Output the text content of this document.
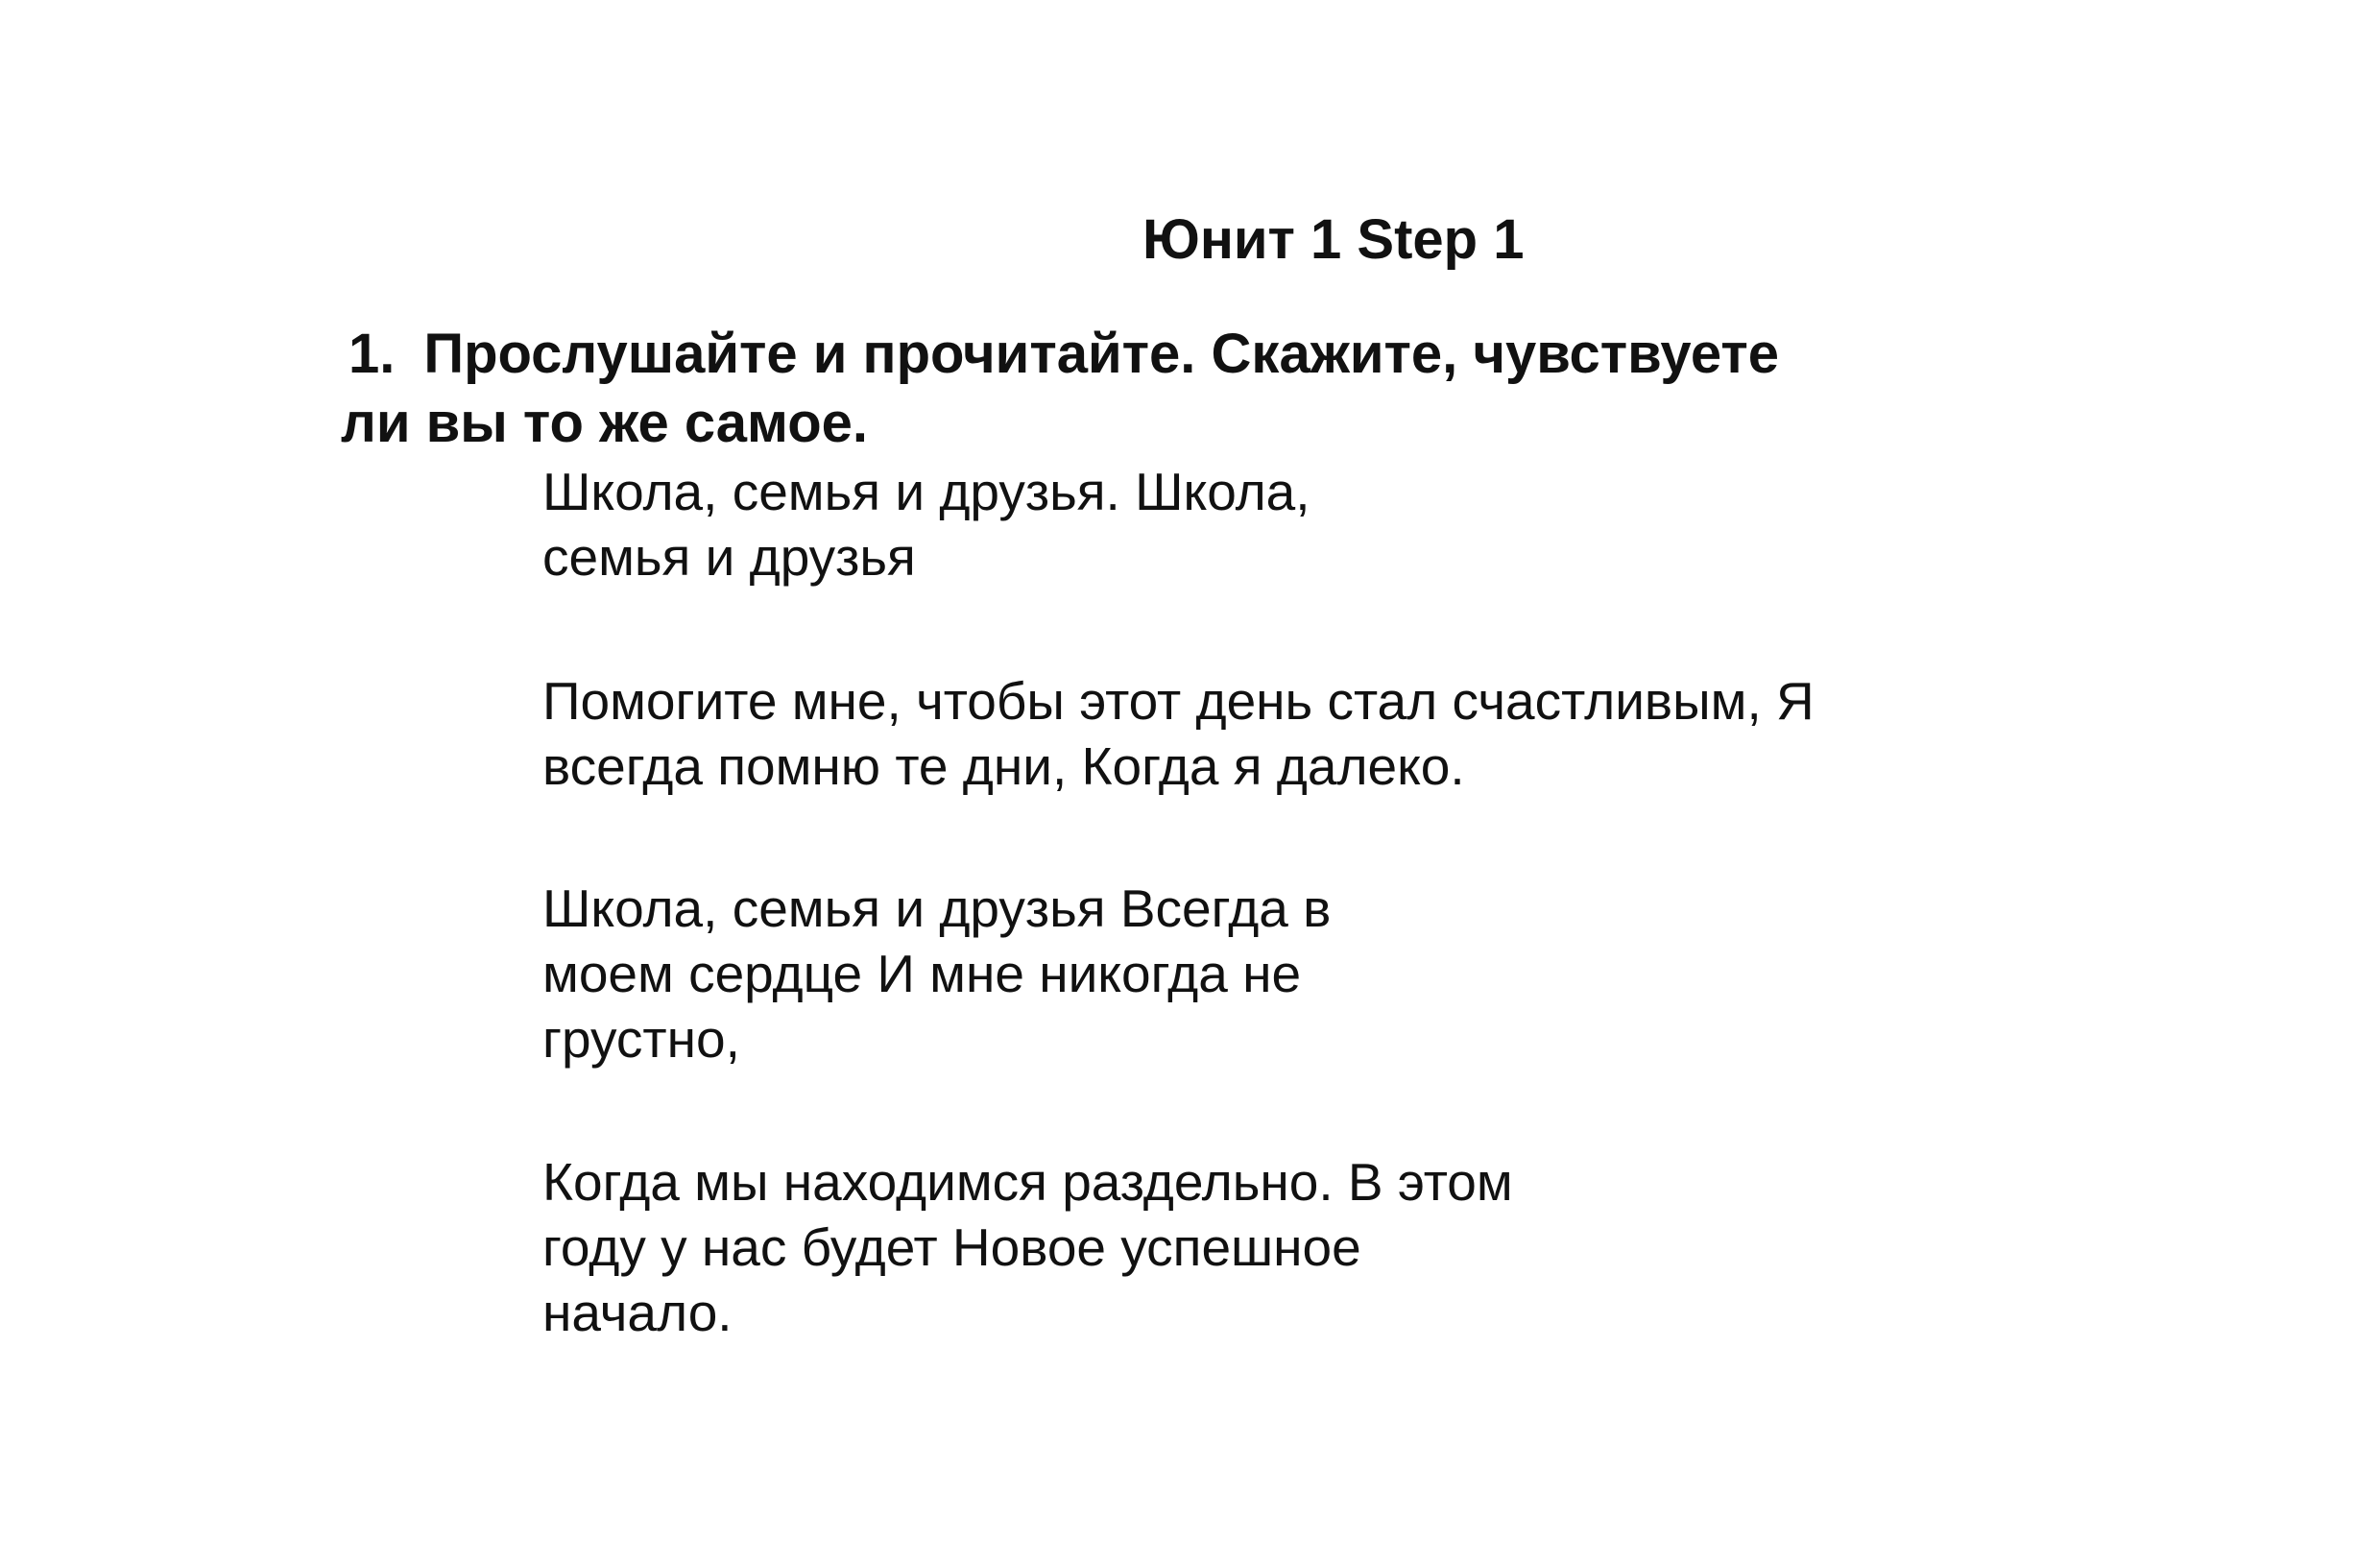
Юнит 1 Step 1
1. Прослушайте и прочитайте. Скажите, чувствуете
ли вы то же самое.
Школа, семья и друзья. Школа,
семья и друзья
Помогите мне, чтобы этот день стал счастливым, Я
всегда помню те дни, Когда я далеко.
Школа, семья и друзья Всегда в
моем сердце И мне никогда не
грустно,
Когда мы находимся раздельно. В этом
году у нас будет Новое успешное
начало.
